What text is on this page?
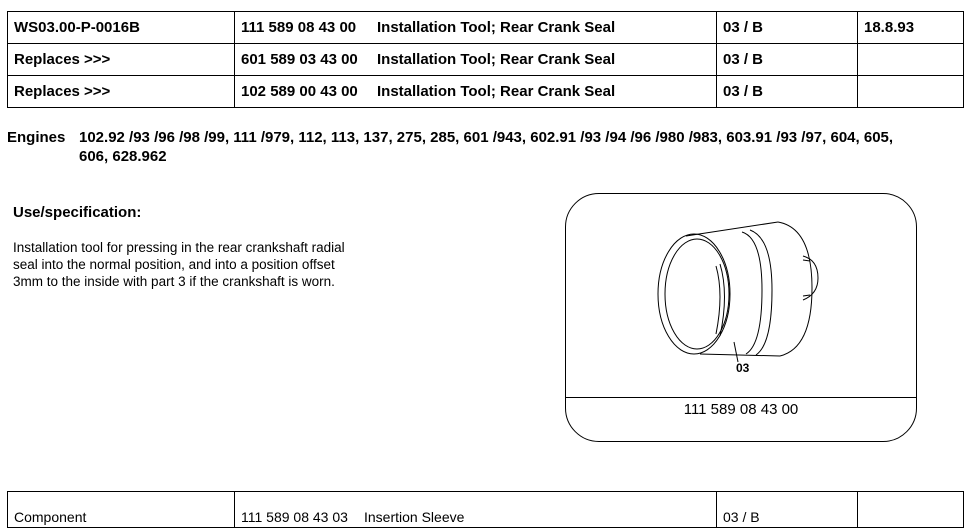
WS03.00-P-0016B	111 589 08 43 00 Installation Tool; Rear Crank Seal	03 / B	18.8.93
Replaces >>>	601 589 03 43 00 Installation Tool; Rear Crank Seal	03 / B	
Replaces >>>	102 589 00 43 00 Installation Tool; Rear Crank Seal	03 / B	
Engines 102.92 /93 /96 /98 /99, 111 /979, 112, 113, 137, 275, 285, 601 /943, 602.91 /93 /94 /96 /980 /983, 603.91 /93 /97, 604, 605, 606, 628.962
Use/specification:
Installation tool for pressing in the rear crankshaft radial seal into the normal position, and into a position offset 3mm to the inside with part 3 if the crankshaft is worn.
03
111 589 08 43 00
Component	111 589 08 43 03 Insertion Sleeve	03 / B	
